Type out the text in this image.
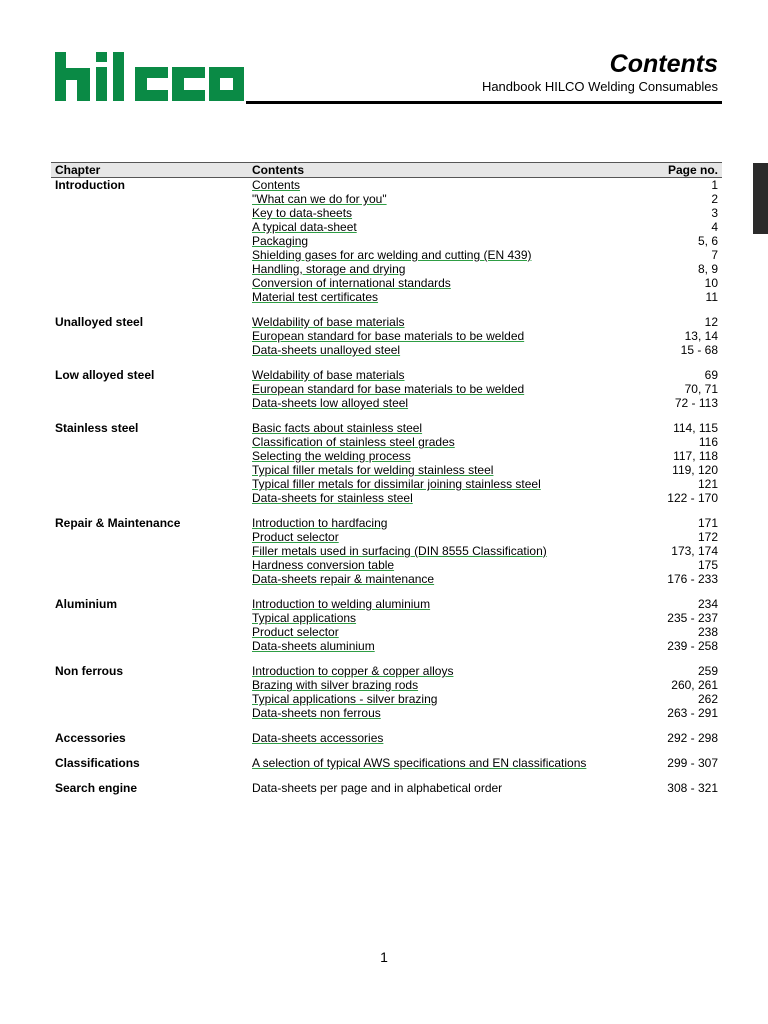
Contents
Handbook HILCO Welding Consumables
Chapter	Contents	Page no.
Introduction	Contents	1
	"What can we do for you"	2
	Key to data-sheets	3
	A typical data-sheet	4
	Packaging	5, 6
	Shielding gases for arc welding and cutting (EN 439)	7
	Handling, storage and drying	8, 9
	Conversion of international standards	10
	Material test certificates	11

Unalloyed steel	Weldability of base materials	12
	European standard for base materials to be welded	13, 14
	Data-sheets unalloyed steel	15 - 68

Low alloyed steel	Weldability of base materials	69
	European standard for base materials to be welded	70, 71
	Data-sheets low alloyed steel	72 - 113

Stainless steel	Basic facts about stainless steel	114, 115
	Classification of stainless steel grades	116
	Selecting the welding process	117, 118
	Typical filler metals for welding stainless steel	119, 120
	Typical filler metals for dissimilar joining stainless steel	121
	Data-sheets for stainless steel	122 - 170

Repair & Maintenance	Introduction to hardfacing	171
	Product selector	172
	Filler metals used in surfacing (DIN 8555 Classification)	173, 174
	Hardness conversion table	175
	Data-sheets repair & maintenance	176 - 233

Aluminium	Introduction to welding aluminium	234
	Typical applications	235 - 237
	Product selector	238
	Data-sheets aluminium	239 - 258

Non ferrous	Introduction to copper & copper alloys	259
	Brazing with silver brazing rods	260, 261
	Typical applications - silver brazing	262
	Data-sheets non ferrous	263 - 291

Accessories	Data-sheets accessories	292 - 298

Classifications	A selection of typical AWS specifications and EN classifications	299 - 307

Search engine	Data-sheets per page and in alphabetical order	308 - 321
1
